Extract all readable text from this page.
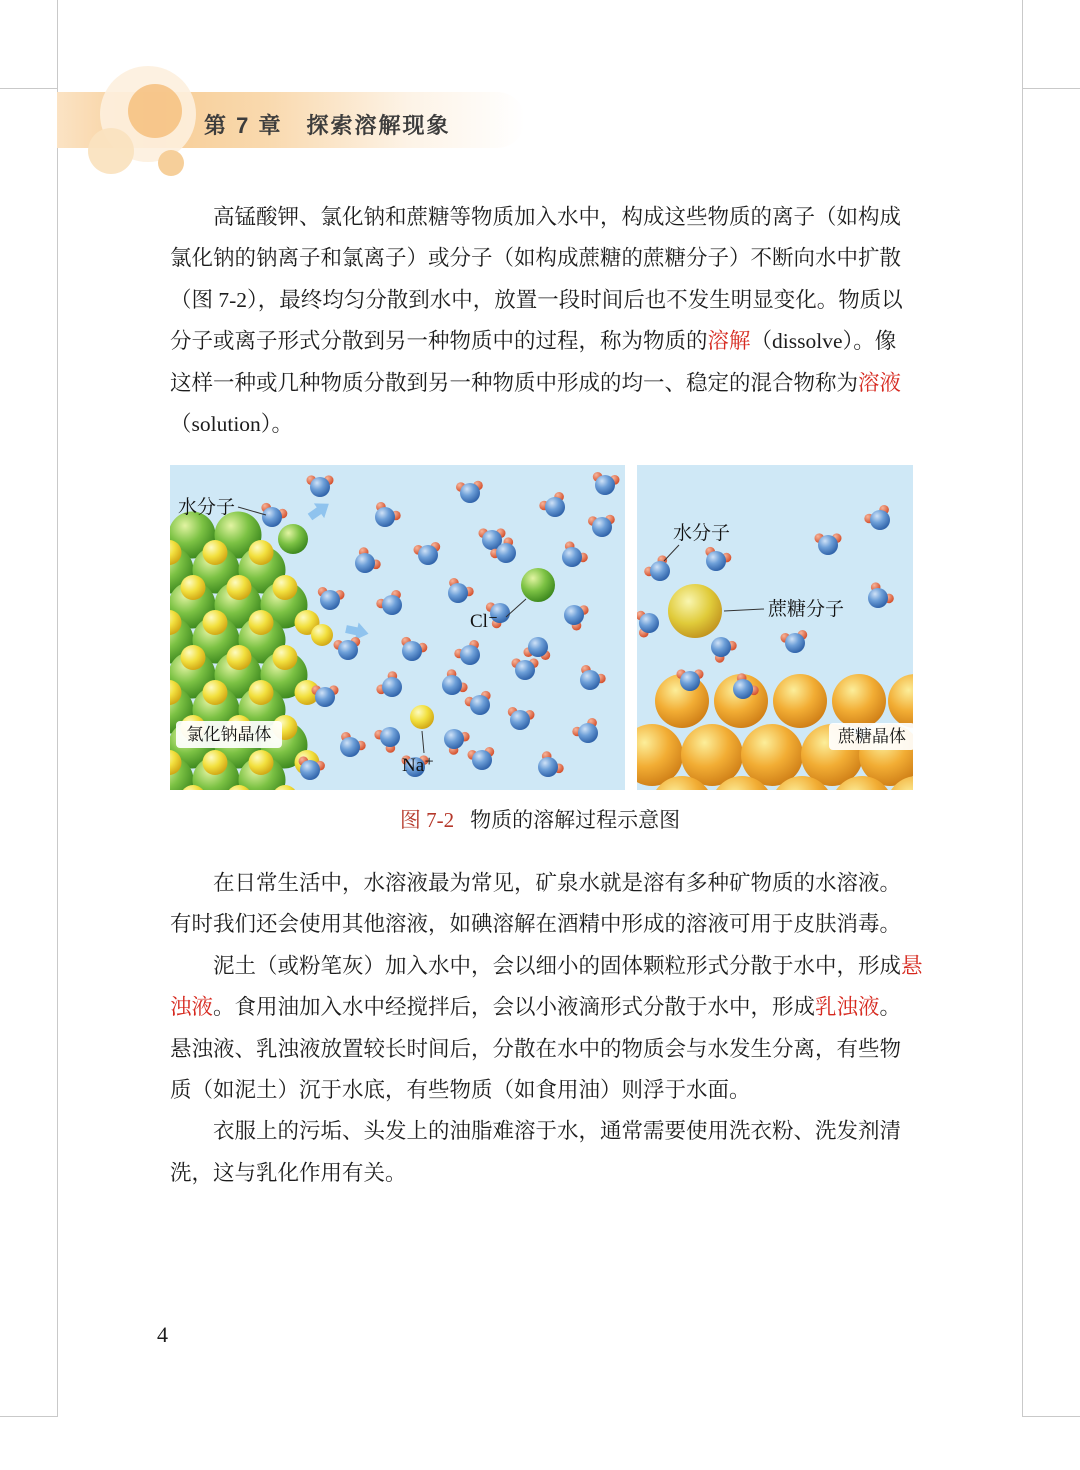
第 7 章 探索溶解现象
高锰酸钾、氯化钠和蔗糖等物质加入水中，构成这些物质的离子（如构成
氯化钠的钠离子和氯离子）或分子（如构成蔗糖的蔗糖分子）不断向水中扩散
（图 7-2），最终均匀分散到水中，放置一段时间后也不发生明显变化。物质以
分子或离子形式分散到另一种物质中的过程，称为物质的溶解（dissolve）。像
这样一种或几种物质分散到另一种物质中形成的均一、稳定的混合物称为溶液
（solution）。
水分子
Cl⁻
Na⁺
氯化钠晶体
水分子
蔗糖分子
蔗糖晶体
图 7-2 物质的溶解过程示意图
在日常生活中，水溶液最为常见，矿泉水就是溶有多种矿物质的水溶液。
有时我们还会使用其他溶液，如碘溶解在酒精中形成的溶液可用于皮肤消毒。
泥土（或粉笔灰）加入水中，会以细小的固体颗粒形式分散于水中，形成悬
浊液。食用油加入水中经搅拌后，会以小液滴形式分散于水中，形成乳浊液。
悬浊液、乳浊液放置较长时间后，分散在水中的物质会与水发生分离，有些物
质（如泥土）沉于水底，有些物质（如食用油）则浮于水面。
衣服上的污垢、头发上的油脂难溶于水，通常需要使用洗衣粉、洗发剂清
洗，这与乳化作用有关。
4
